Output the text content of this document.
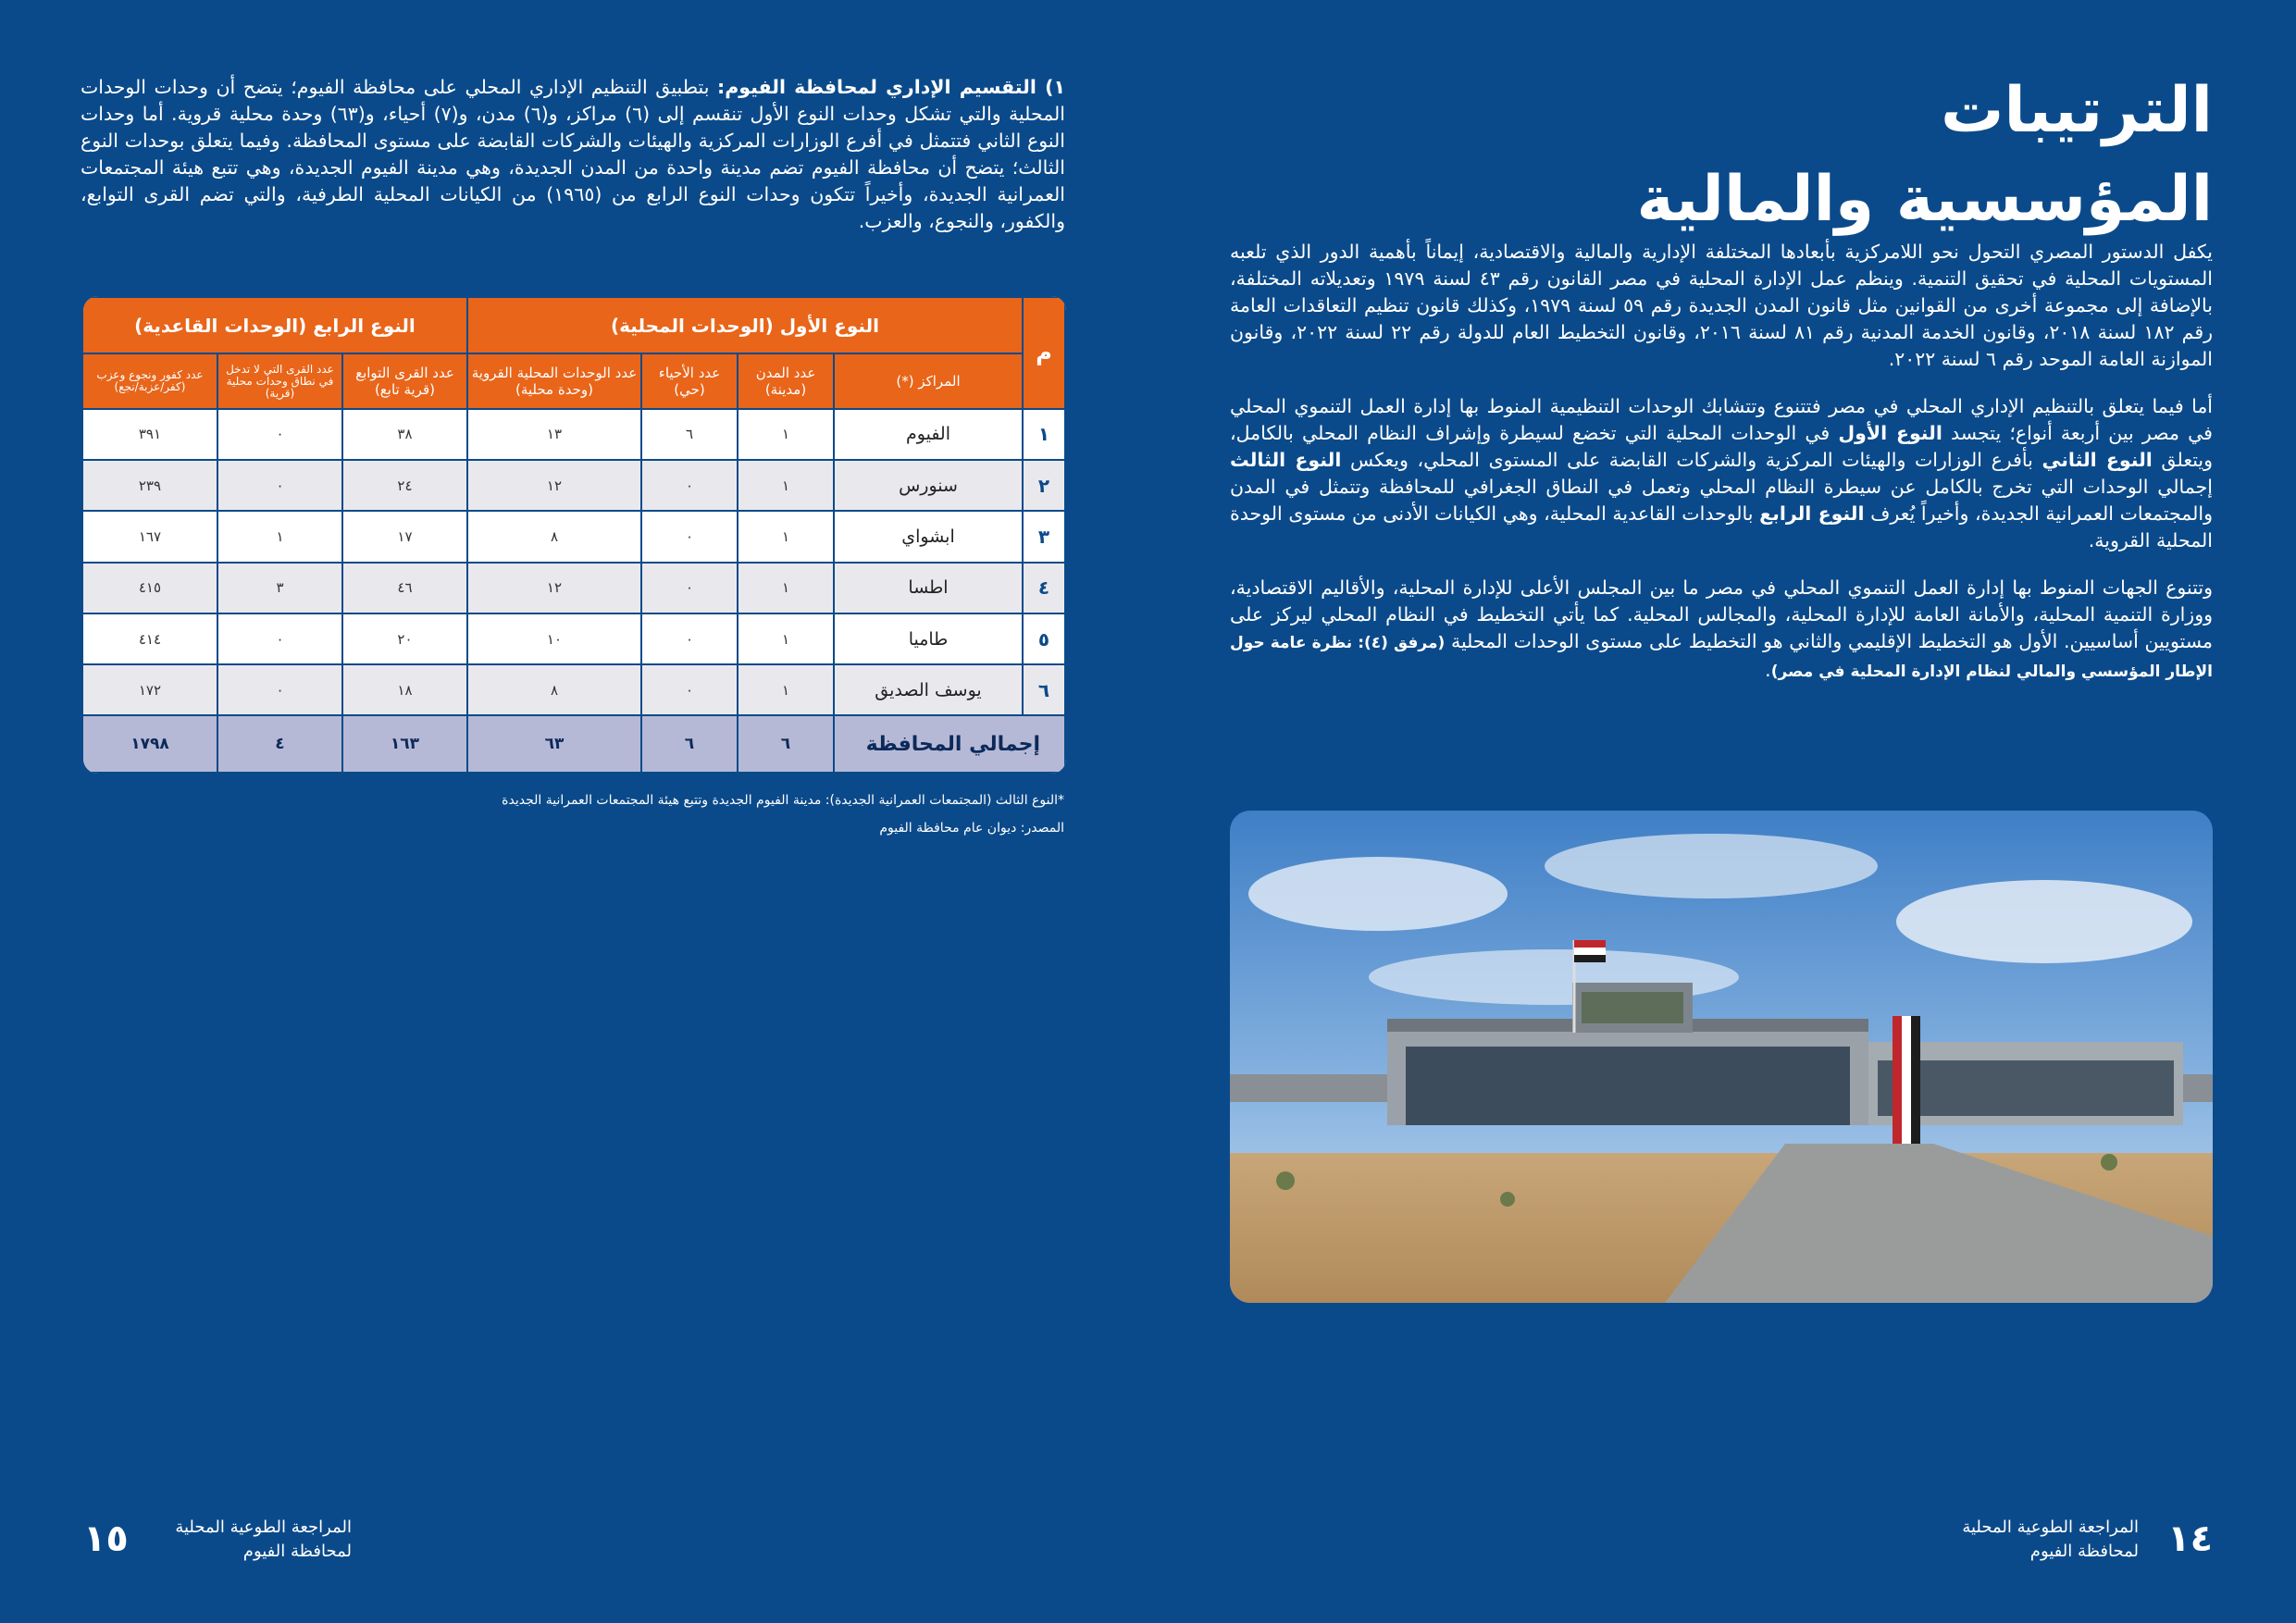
الترتيبات
المؤسسية والمالية

يكفل الدستور المصري التحول نحو اللامركزية بأبعادها المختلفة الإدارية والمالية والاقتصادية، إيماناً بأهمية الدور الذي تلعبه المستويات المحلية في تحقيق التنمية. وينظم عمل الإدارة المحلية في مصر القانون رقم ٤٣ لسنة ١٩٧٩ وتعديلاته المختلفة، بالإضافة إلى مجموعة أخرى من القوانين مثل قانون المدن الجديدة رقم ٥٩ لسنة ١٩٧٩، وكذلك قانون تنظيم التعاقدات العامة رقم ١٨٢ لسنة ٢٠١٨، وقانون الخدمة المدنية رقم ٨١ لسنة ٢٠١٦، وقانون التخطيط العام للدولة رقم ٢٢ لسنة ٢٠٢٢، وقانون الموازنة العامة الموحد رقم ٦ لسنة ٢٠٢٢.

أما فيما يتعلق بالتنظيم الإداري المحلي في مصر فتتنوع وتتشابك الوحدات التنظيمية المنوط بها إدارة العمل التنموي المحلي في مصر بين أربعة أنواع؛ يتجسد النوع الأول في الوحدات المحلية التي تخضع لسيطرة وإشراف النظام المحلي بالكامل، ويتعلق النوع الثاني بأفرع الوزارات والهيئات المركزية والشركات القابضة على المستوى المحلي، ويعكس النوع الثالث إجمالي الوحدات التي تخرج بالكامل عن سيطرة النظام المحلي وتعمل في النطاق الجغرافي للمحافظة وتتمثل في المدن والمجتمعات العمرانية الجديدة، وأخيراً يُعرف النوع الرابع بالوحدات القاعدية المحلية، وهي الكيانات الأدنى من مستوى الوحدة المحلية القروية.

وتتنوع الجهات المنوط بها إدارة العمل التنموي المحلي في مصر ما بين المجلس الأعلى للإدارة المحلية، والأقاليم الاقتصادية، ووزارة التنمية المحلية، والأمانة العامة للإدارة المحلية، والمجالس المحلية. كما يأتي التخطيط في النظام المحلي ليركز على مستويين أساسيين. الأول هو التخطيط الإقليمي والثاني هو التخطيط على مستوى الوحدات المحلية (مرفق (٤): نظرة عامة حول الإطار المؤسسي والمالي لنظام الإدارة المحلية في مصر).

١٤
المراجعة الطوعية المحلية
لمحافظة الفيوم

١) التقسيم الإداري لمحافظة الفيوم: بتطبيق التنظيم الإداري المحلي على محافظة الفيوم؛ يتضح أن وحدات الوحدات المحلية والتي تشكل وحدات النوع الأول تنقسم إلى (٦) مراكز، و(٦) مدن، و(٧) أحياء، و(٦٣) وحدة محلية قروية. أما وحدات النوع الثاني فتتمثل في أفرع الوزارات المركزية والهيئات والشركات القابضة على مستوى المحافظة. وفيما يتعلق بوحدات النوع الثالث؛ يتضح أن محافظة الفيوم تضم مدينة واحدة من المدن الجديدة، وهي مدينة الفيوم الجديدة، وهي تتبع هيئة المجتمعات العمرانية الجديدة، وأخيراً تتكون وحدات النوع الرابع من (١٩٦٥) من الكيانات المحلية الطرفية، والتي تضم القرى التوابع، والكفور، والنجوع، والعزب.

م	النوع الأول (الوحدات المحلية)				النوع الرابع (الوحدات القاعدية)		
	المراكز (*)	عدد المدن (مدينة)	عدد الأحياء (حي)	عدد الوحدات المحلية القروية (وحدة محلية)	عدد القرى التوابع (قرية تابع)	عدد القرى التي لا تدخل في نطاق وحدات محلية (قرية)	عدد كفور ونجوع وعزب (كفر/عزبة/نجع)
١	الفيوم	١	٦	١٣	٣٨	٠	٣٩١
٢	سنورس	١	٠	١٢	٢٤	٠	٢٣٩
٣	ابشواي	١	٠	٨	١٧	١	١٦٧
٤	اطسا	١	٠	١٢	٤٦	٣	٤١٥
٥	طاميا	١	٠	١٠	٢٠	٠	٤١٤
٦	يوسف الصديق	١	٠	٨	١٨	٠	١٧٢
إجمالي المحافظة		٦	٦	٦٣	١٦٣	٤	١٧٩٨
*النوع الثالث (المجتمعات العمرانية الجديدة): مدينة الفيوم الجديدة وتتبع هيئة المجتمعات العمرانية الجديدة
المصدر: ديوان عام محافظة الفيوم
١٥	المراجعة الطوعية المحلية
لمحافظة الفيوم
